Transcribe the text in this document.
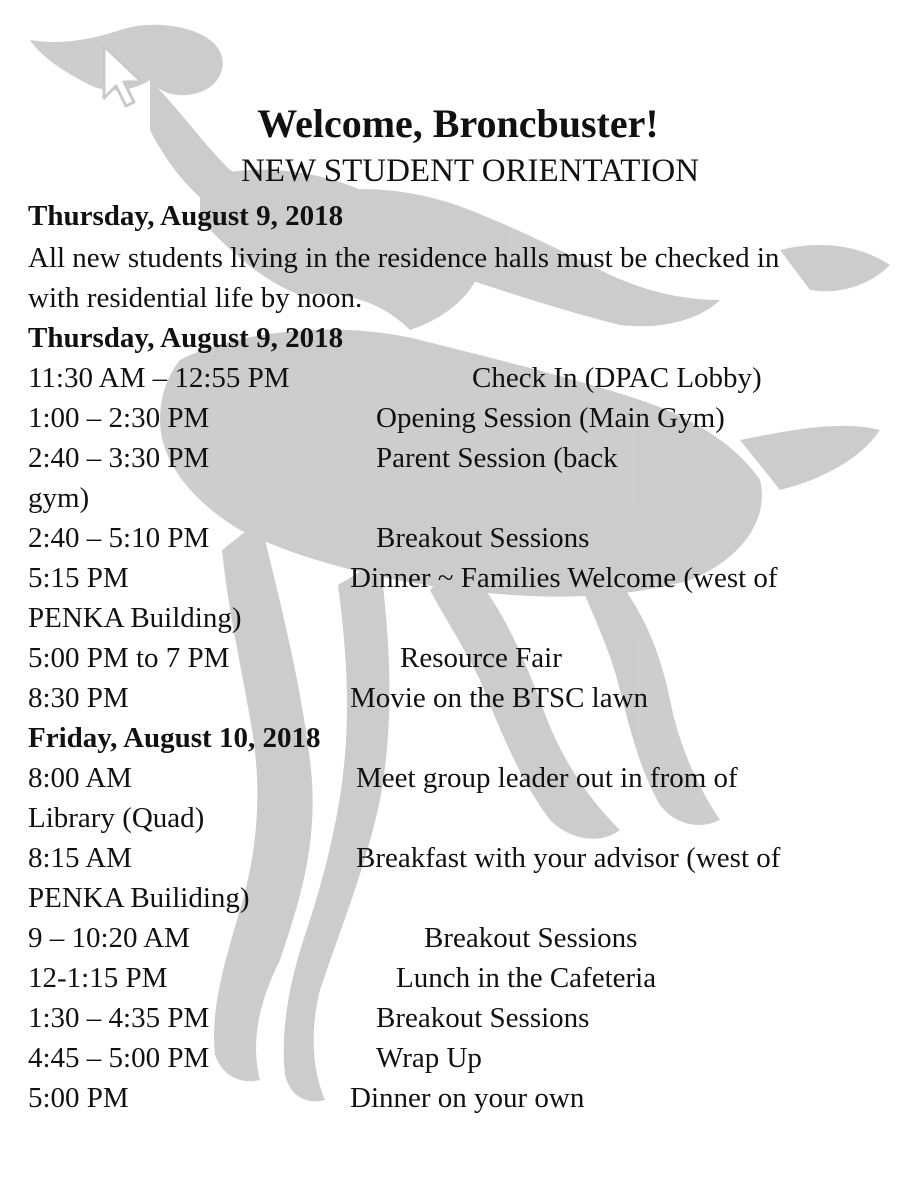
Welcome, Broncbuster!
NEW STUDENT ORIENTATION
Thursday, August 9, 2018
All new students living in the residence halls must be checked in
with residential life by noon.
Thursday, August 9, 2018
11:30 AM – 12:55 PM	Check In (DPAC Lobby)
1:00 – 2:30 PM	Opening Session (Main Gym)
2:40 – 3:30 PM	Parent Session (back
gym)
2:40 – 5:10 PM	Breakout Sessions
5:15 PM	Dinner ~ Families Welcome (west of
PENKA Building)
5:00 PM to 7 PM	Resource Fair
8:30 PM	Movie on the BTSC lawn
Friday, August 10, 2018
8:00 AM	Meet group leader out in from of
Library (Quad)
8:15 AM	Breakfast with your advisor (west of
PENKA Builiding)
9 – 10:20 AM	Breakout Sessions
12-1:15 PM	Lunch in the Cafeteria
1:30 – 4:35 PM	Breakout Sessions
4:45 – 5:00 PM	Wrap Up
5:00 PM	Dinner on your own
